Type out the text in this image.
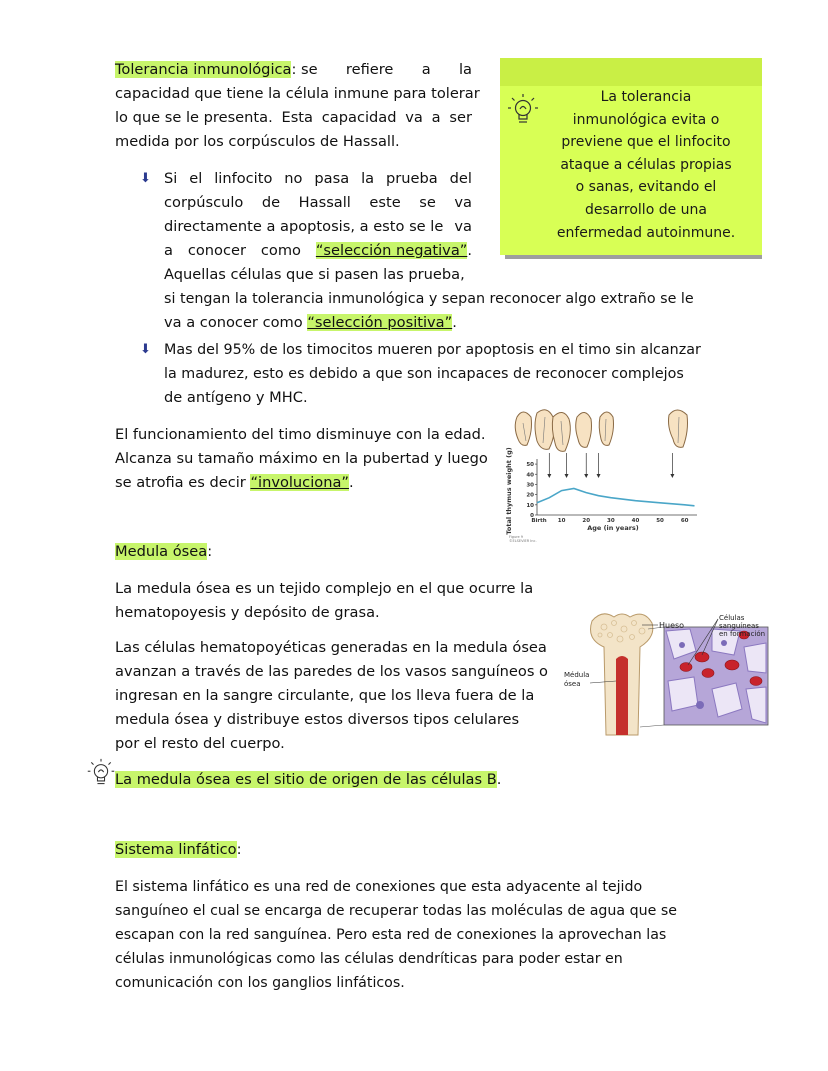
Tolerancia inmunológica: se refiere a la
capacidad que tiene la célula inmune para tolerar
lo que se le presenta. Esta capacidad va a ser
medida por los corpúsculos de Hassall.
La tolerancia
inmunológica evita o
previene que el linfocito
ataque a células propias
o sanas, evitando el
desarrollo de una
enfermedad autoinmune.
⬇︎ Si el linfocito no pasa la prueba del
corpúsculo de Hassall este se va
directamente a apoptosis, a esto se le va
a conocer como “selección negativa”.
Aquellas células que si pasen las prueba,
si tengan la tolerancia inmunológica y sepan reconocer algo extraño se le
va a conocer como “selección positiva”.
⬇︎ Mas del 95% de los timocitos mueren por apoptosis en el timo sin alcanzar
la madurez, esto es debido a que son incapaces de reconocer complejos
de antígeno y MHC.
El funcionamiento del timo disminuye con la edad.
Alcanza su tamaño máximo en la pubertad y luego
se atrofia es decir “involuciona”.
0
10
20
30
40
50
Birth 10	20	30	40	50	60
Total thymus weight (g)	Age (in years)
Figure 9
©ELSEVIER Inc.
Medula ósea:
La medula ósea es un tejido complejo en el que ocurre la
hematopoyesis y depósito de grasa.
Las células hematopoyéticas generadas en la medula ósea
avanzan a través de las paredes de los vasos sanguíneos o
ingresan en la sangre circulante, que los lleva fuera de la
medula ósea y distribuye estos diversos tipos celulares
por el resto del cuerpo.
La medula ósea es el sitio de origen de las células B.
Hueso
Médula
ósea
Células
sanguíneas
en formación
Sistema linfático:
El sistema linfático es una red de conexiones que esta adyacente al tejido
sanguíneo el cual se encarga de recuperar todas las moléculas de agua que se
escapan con la red sanguínea. Pero esta red de conexiones la aprovechan las
células inmunológicas como las células dendríticas para poder estar en
comunicación con los ganglios linfáticos.
